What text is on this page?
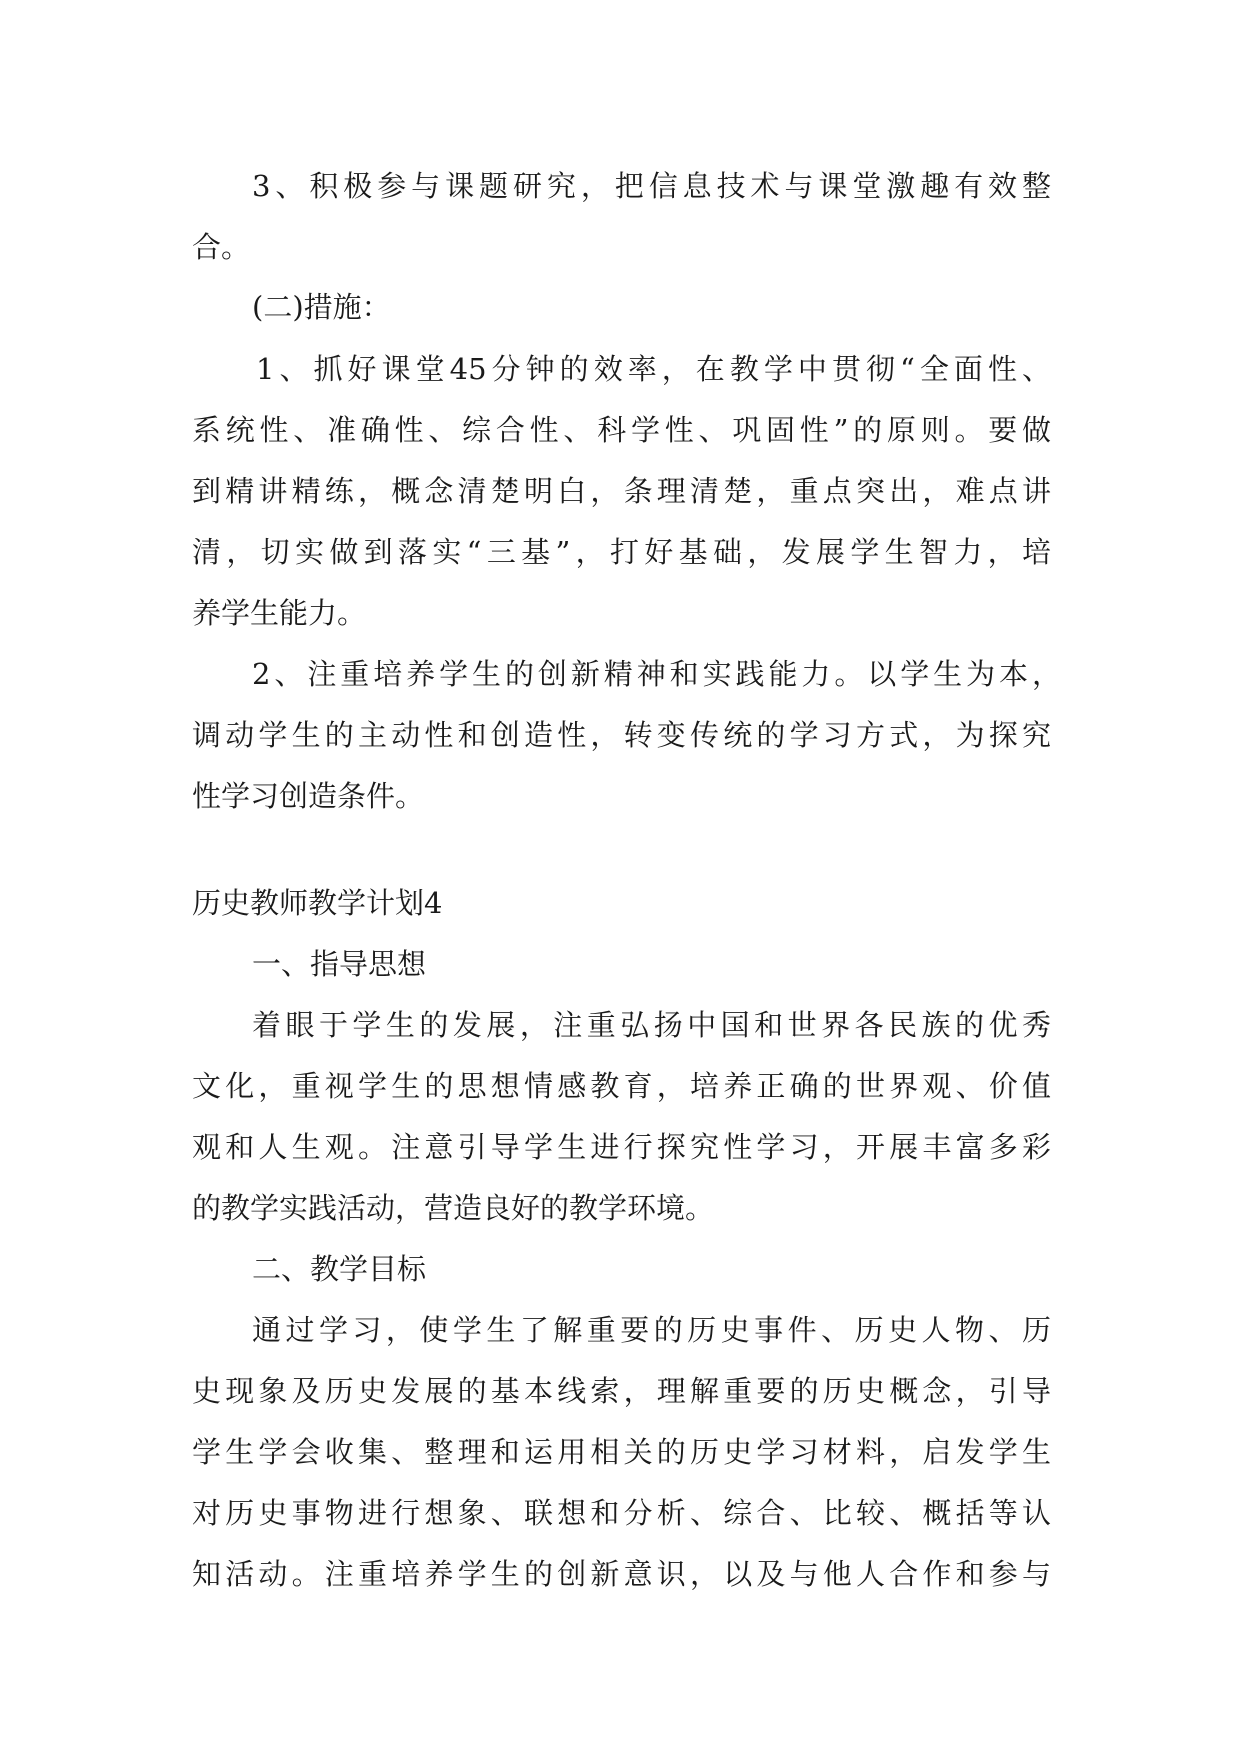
3、积极参与课题研究，把信息技术与课堂激趣有效整
合。
(二)措施：
1、抓好课堂45分钟的效率，在教学中贯彻“全面性、
系统性、准确性、综合性、科学性、巩固性”的原则。要做
到精讲精练，概念清楚明白，条理清楚，重点突出，难点讲
清，切实做到落实“三基”，打好基础，发展学生智力，培
养学生能力。
2、注重培养学生的创新精神和实践能力。以学生为本，
调动学生的主动性和创造性，转变传统的学习方式，为探究
性学习创造条件。
历史教师教学计划4
一、指导思想
着眼于学生的发展，注重弘扬中国和世界各民族的优秀
文化，重视学生的思想情感教育，培养正确的世界观、价值
观和人生观。注意引导学生进行探究性学习，开展丰富多彩
的教学实践活动，营造良好的教学环境。
二、教学目标
通过学习，使学生了解重要的历史事件、历史人物、历
史现象及历史发展的基本线索，理解重要的历史概念，引导
学生学会收集、整理和运用相关的历史学习材料，启发学生
对历史事物进行想象、联想和分析、综合、比较、概括等认
知活动。注重培养学生的创新意识，以及与他人合作和参与
